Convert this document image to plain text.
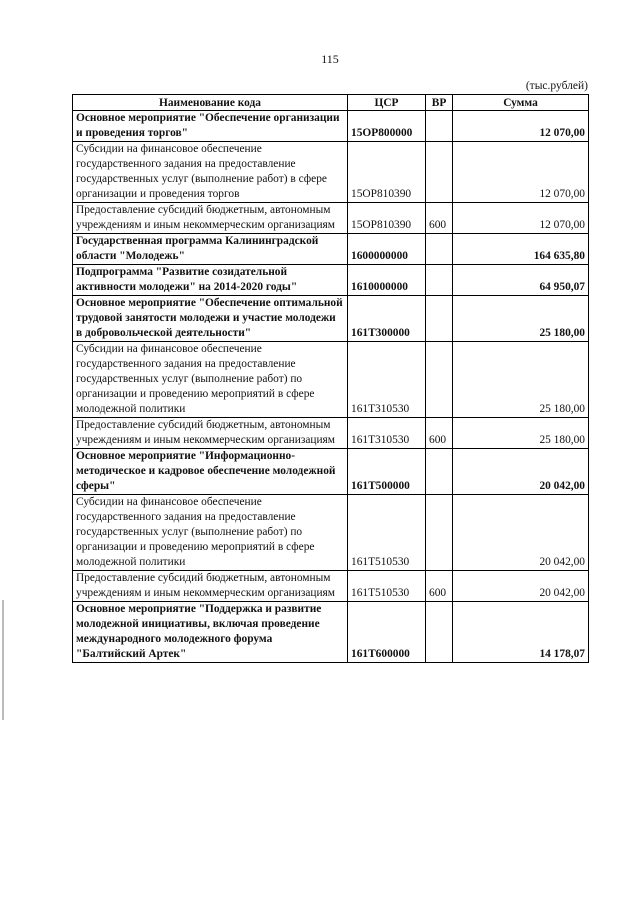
115
(тыс.рублей)
Наименование кода	ЦСР	ВР	Сумма
Основное мероприятие "Обеспечение организации и проведения торгов"	15OP800000		12 070,00
Субсидии на финансовое обеспечение государственного задания на предоставление государственных услуг (выполнение работ) в сфере организации и проведения торгов	15OP810390		12 070,00
Предоставление субсидий бюджетным, автономным учреждениям и иным некоммерческим организациям	15OP810390	600	12 070,00
Государственная программа Калининградской области "Молодежь"	1600000000		164 635,80
Подпрограмма "Развитие созидательной активности молодежи" на 2014-2020 годы"	1610000000		64 950,07
Основное мероприятие "Обеспечение оптимальной трудовой занятости молодежи и участие молодежи в добровольческой деятельности"	161T300000		25 180,00
Субсидии на финансовое обеспечение государственного задания на предоставление государственных услуг (выполнение работ) по организации и проведению мероприятий в сфере молодежной политики	161T310530		25 180,00
Предоставление субсидий бюджетным, автономным учреждениям и иным некоммерческим организациям	161T310530	600	25 180,00
Основное мероприятие "Информационно-методическое и кадровое обеспечение молодежной сферы"	161T500000		20 042,00
Субсидии на финансовое обеспечение государственного задания на предоставление государственных услуг (выполнение работ) по организации и проведению мероприятий в сфере молодежной политики	161T510530		20 042,00
Предоставление субсидий бюджетным, автономным учреждениям и иным некоммерческим организациям	161T510530	600	20 042,00
Основное мероприятие "Поддержка и развитие молодежной инициативы, включая проведение международного молодежного форума "Балтийский Артек"	161T600000		14 178,07
